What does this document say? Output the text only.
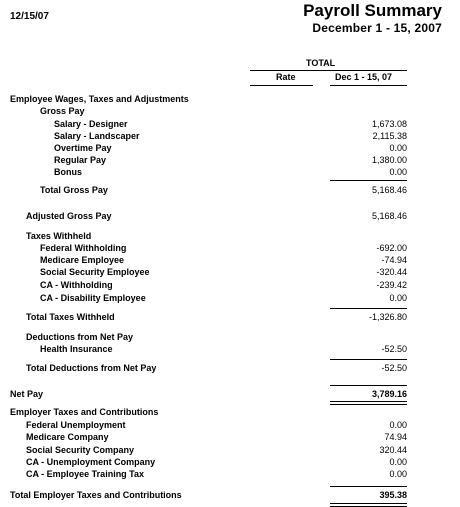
12/15/07	Payroll Summary
December 1 - 15, 2007
TOTAL
Rate	Dec 1 - 15, 07
Employee Wages, Taxes and Adjustments
Gross Pay
Salary - Designer	1,673.08
Salary - Landscaper	2,115.38
Overtime Pay	0.00
Regular Pay	1,380.00
Bonus	0.00
Total Gross Pay	5,168.46
Adjusted Gross Pay	5,168.46
Taxes Withheld
Federal Withholding	-692.00
Medicare Employee	-74.94
Social Security Employee	-320.44
CA - Withholding	-239.42
CA - Disability Employee	0.00
Total Taxes Withheld	-1,326.80
Deductions from Net Pay
Health Insurance	-52.50
Total Deductions from Net Pay	-52.50
Net Pay	3,789.16
Employer Taxes and Contributions
Federal Unemployment	0.00
Medicare Company	74.94
Social Security Company	320.44
CA - Unemployment Company	0.00
CA - Employee Training Tax	0.00
Total Employer Taxes and Contributions	395.38
